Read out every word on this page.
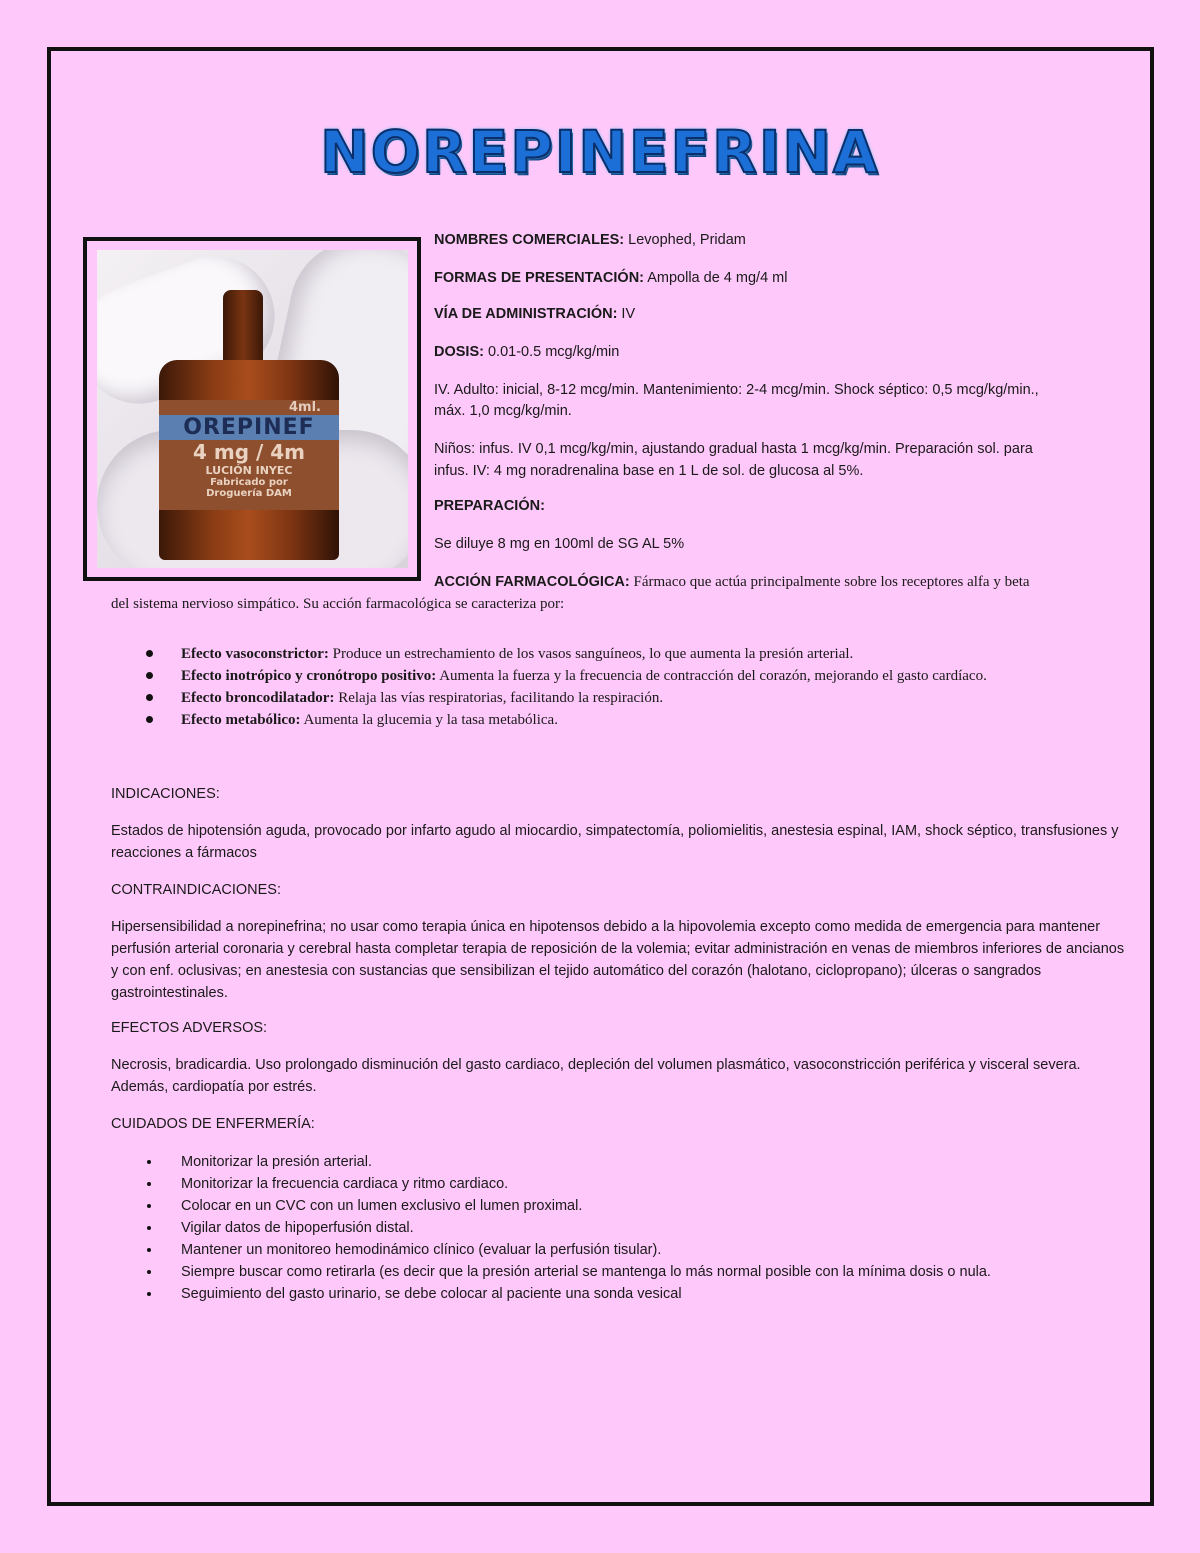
NOREPINEFRINA
4ml.
OREPINEF
4 mg / 4m
LUCIÓN INYEC
Fabricado por
Droguería DAM
NOMBRES COMERCIALES: Levophed, Pridam
FORMAS DE PRESENTACIÓN: Ampolla de 4 mg/4 ml
VÍA DE ADMINISTRACIÓN: IV
DOSIS: 0.01-0.5 mcg/kg/min
IV. Adulto: inicial, 8-12 mcg/min. Mantenimiento: 2-4 mcg/min. Shock séptico: 0,5 mcg/kg/min.,
máx. 1,0 mcg/kg/min.
Niños: infus. IV 0,1 mcg/kg/min, ajustando gradual hasta 1 mcg/kg/min. Preparación sol. para
infus. IV: 4 mg noradrenalina base en 1 L de sol. de glucosa al 5%.
PREPARACIÓN:
Se diluye 8 mg en 100ml de SG AL 5%
ACCIÓN FARMACOLÓGICA: Fármaco que actúa principalmente sobre los receptores alfa y beta
del sistema nervioso simpático. Su acción farmacológica se caracteriza por:
Efecto vasoconstrictor: Produce un estrechamiento de los vasos sanguíneos, lo que aumenta la presión arterial.
Efecto inotrópico y cronótropo positivo: Aumenta la fuerza y la frecuencia de contracción del corazón, mejorando el gasto cardíaco.
Efecto broncodilatador: Relaja las vías respiratorias, facilitando la respiración.
Efecto metabólico: Aumenta la glucemia y la tasa metabólica.
INDICACIONES:
Estados de hipotensión aguda, provocado por infarto agudo al miocardio, simpatectomía, poliomielitis, anestesia espinal, IAM, shock séptico, transfusiones y reacciones a fármacos
CONTRAINDICACIONES:
Hipersensibilidad a norepinefrina; no usar como terapia única en hipotensos debido a la hipovolemia excepto como medida de emergencia para mantener perfusión arterial coronaria y cerebral hasta completar terapia de reposición de la volemia; evitar administración en venas de miembros inferiores de ancianos y con enf. oclusivas; en anestesia con sustancias que sensibilizan el tejido automático del corazón (halotano, ciclopropano); úlceras o sangrados gastrointestinales.
EFECTOS ADVERSOS:
Necrosis, bradicardia. Uso prolongado disminución del gasto cardiaco, depleción del volumen plasmático, vasoconstricción periférica y visceral severa. Además, cardiopatía por estrés.
CUIDADOS DE ENFERMERÍA:
Monitorizar la presión arterial.
Monitorizar la frecuencia cardiaca y ritmo cardiaco.
Colocar en un CVC con un lumen exclusivo el lumen proximal.
Vigilar datos de hipoperfusión distal.
Mantener un monitoreo hemodinámico clínico (evaluar la perfusión tisular).
Siempre buscar como retirarla (es decir que la presión arterial se mantenga lo más normal posible con la mínima dosis o nula.
Seguimiento del gasto urinario, se debe colocar al paciente una sonda vesical
